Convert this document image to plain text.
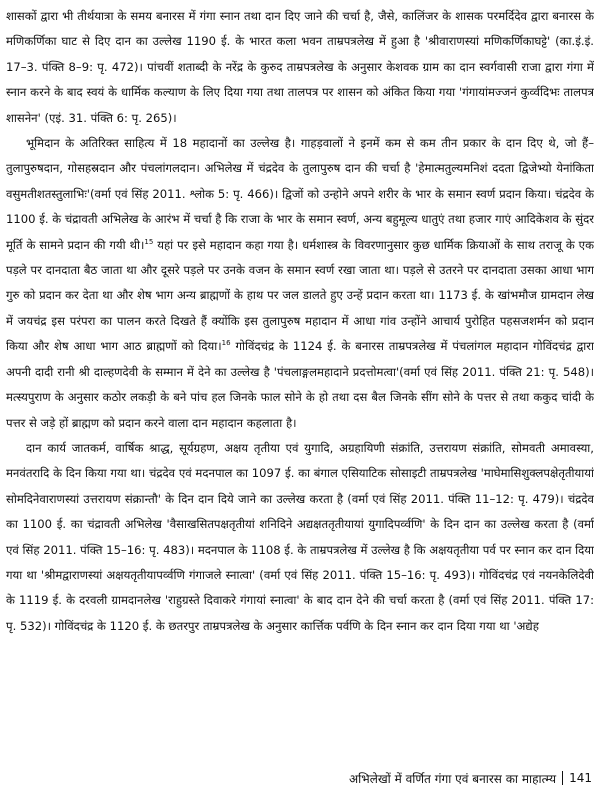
शासकों द्वारा भी तीर्थयात्रा के समय बनारस में गंगा स्नान तथा दान दिए जाने की चर्चा है, जैसे, कालिंजर के शासक परमर्दिदेव द्वारा बनारस के मणिकर्णिका घाट से दिए दान का उल्लेख 1190 ई. के भारत कला भवन ताम्रपत्रलेख में हुआ है 'श्रीवाराणस्यां मणिकर्णिकाघट्टे' (का.इं.इं. 17–3. पंक्ति 8–9: पृ. 472)। पांचवीं शताब्दी के नरेंद्र के कुरुद ताम्रपत्रलेख के अनुसार केशवक ग्राम का दान स्वर्गवासी राजा द्वारा गंगा में स्नान करने के बाद स्वयं के धार्मिक कल्याण के लिए दिया गया तथा तालपत्र पर शासन को अंकित किया गया 'गंगायांमज्जनं कुर्व्वदिभः तालपत्र शासनेन' (एइं. 31. पंक्ति 6: पृ. 265)।

भूमिदान के अतिरिक्त साहित्य में 18 महादानों का उल्लेख है। गाहड़वालों ने इनमें कम से कम तीन प्रकार के दान दिए थे, जो हैं– तुलापुरुषदान, गोसहस्रदान और पंचलांगलदान। अभिलेख में चंद्रदेव के तुलापुरुष दान की चर्चा है 'हेमात्मतुल्यमनिशं ददता द्विजेभ्यो येनांकिता वसुमतीशतस्तुलाभिः'(वर्मा एवं सिंह 2011. श्लोक 5: पृ. 466)। द्विजों को उन्होने अपने शरीर के भार के समान स्वर्ण प्रदान किया। चंद्रदेव के 1100 ई. के चंद्रावती अभिलेख के आरंभ में चर्चा है कि राजा के भार के समान स्वर्ण, अन्य बहुमूल्य धातुएं तथा हजार गाएं आदिकेशव के सुंदर मूर्ति के सामने प्रदान की गयी थी।$^{15}$ यहां पर इसे महादान कहा गया है। धर्मशास्त्र के विवरणानुसार कुछ धार्मिक क्रियाओं के साथ तराजू के एक पड़ले पर दानदाता बैठ जाता था और दूसरे पड़ले पर उनके वजन के समान स्वर्ण रखा जाता था। पड़ले से उतरने पर दानदाता उसका आधा भाग गुरु को प्रदान कर देता था और शेष भाग अन्य ब्राह्मणों के हाथ पर जल डालते हुए उन्हें प्रदान करता था। 1173 ई. के खांभमौज ग्रामदान लेख में जयचंद्र इस परंपरा का पालन करते दिखते हैं क्योंकि इस तुलापुरुष महादान में आधा गांव उन्होंने आचार्य पुरोहित पहसजशर्मन को प्रदान किया और शेष आधा भाग आठ ब्राह्मणों को दिया।$^{16}$ गोविंदचंद्र के 1124 ई. के बनारस ताम्रपत्रलेख में पंचलांगल महादान गोविंदचंद्र द्वारा अपनी दादी रानी श्री दाल्हणदेवी के सम्मान में देने का उल्लेख है 'पंचलाङ्गलमहादाने प्रदत्तोमत्वा'(वर्मा एवं सिंह 2011. पंक्ति 21: पृ. 548)। मत्स्यपुराण के अनुसार कठोर लकड़ी के बने पांच हल जिनके फाल सोने के हो तथा दस बैल जिनके सींग सोने के पत्तर से तथा ककुद चांदी के पत्तर से जड़े हों ब्राह्मण को प्रदान करने वाला दान महादान कहलाता है।

दान कार्य जातकर्म, वार्षिक श्राद्ध, सूर्यग्रहण, अक्षय तृतीया एवं युगादि, अग्रहायिणी संक्रांति, उत्तरायण संक्रांति, सोमवती अमावस्या, मनवंतरादि के दिन किया गया था। चंद्रदेव एवं मदनपाल का 1097 ई. का बंगाल एसियाटिक सोसाइटी ताम्रपत्रलेख 'माघेमासिशुक्लपक्षेतृतीयायां सोमदिनेवाराणस्यां उत्तरायण संक्रान्तौ' के दिन दान दिये जाने का उल्लेख करता है (वर्मा एवं सिंह 2011. पंक्ति 11–12: पृ. 479)। चंद्रदेव का 1100 ई. का चंद्रावती अभिलेख 'वैसाखसितपक्षतृतीयां शनिदिने अद्यक्षततृतीयायां युगादिपर्व्वणि' के दिन दान का उल्लेख करता है (वर्मा एवं सिंह 2011. पंक्ति 15–16: पृ. 483)। मदनपाल के 1108 ई. के ताम्रपत्रलेख में उल्लेख है कि अक्षयतृतीया पर्व पर स्नान कर दान दिया गया था 'श्रीमद्वाराणस्यां अक्षयतृतीयापर्व्वणि गंगाजले स्नात्वा' (वर्मा एवं सिंह 2011. पंक्ति 15–16: पृ. 493)। गोविंदचंद्र एवं नयनकेलिदेवी के 1119 ई. के दरवली ग्रामदानलेख 'राहुग्रस्ते दिवाकरे गंगायां स्नात्वा' के बाद दान देने की चर्चा करता है (वर्मा एवं सिंह 2011. पंक्ति 17: पृ. 532)। गोविंदचंद्र के 1120 ई. के छतरपुर ताम्रपत्रलेख के अनुसार कार्त्तिक पर्वणि के दिन स्नान कर दान दिया गया था 'अद्येह

अभिलेखों में वर्णित गंगा एवं बनारस का माहात्म्य 141
